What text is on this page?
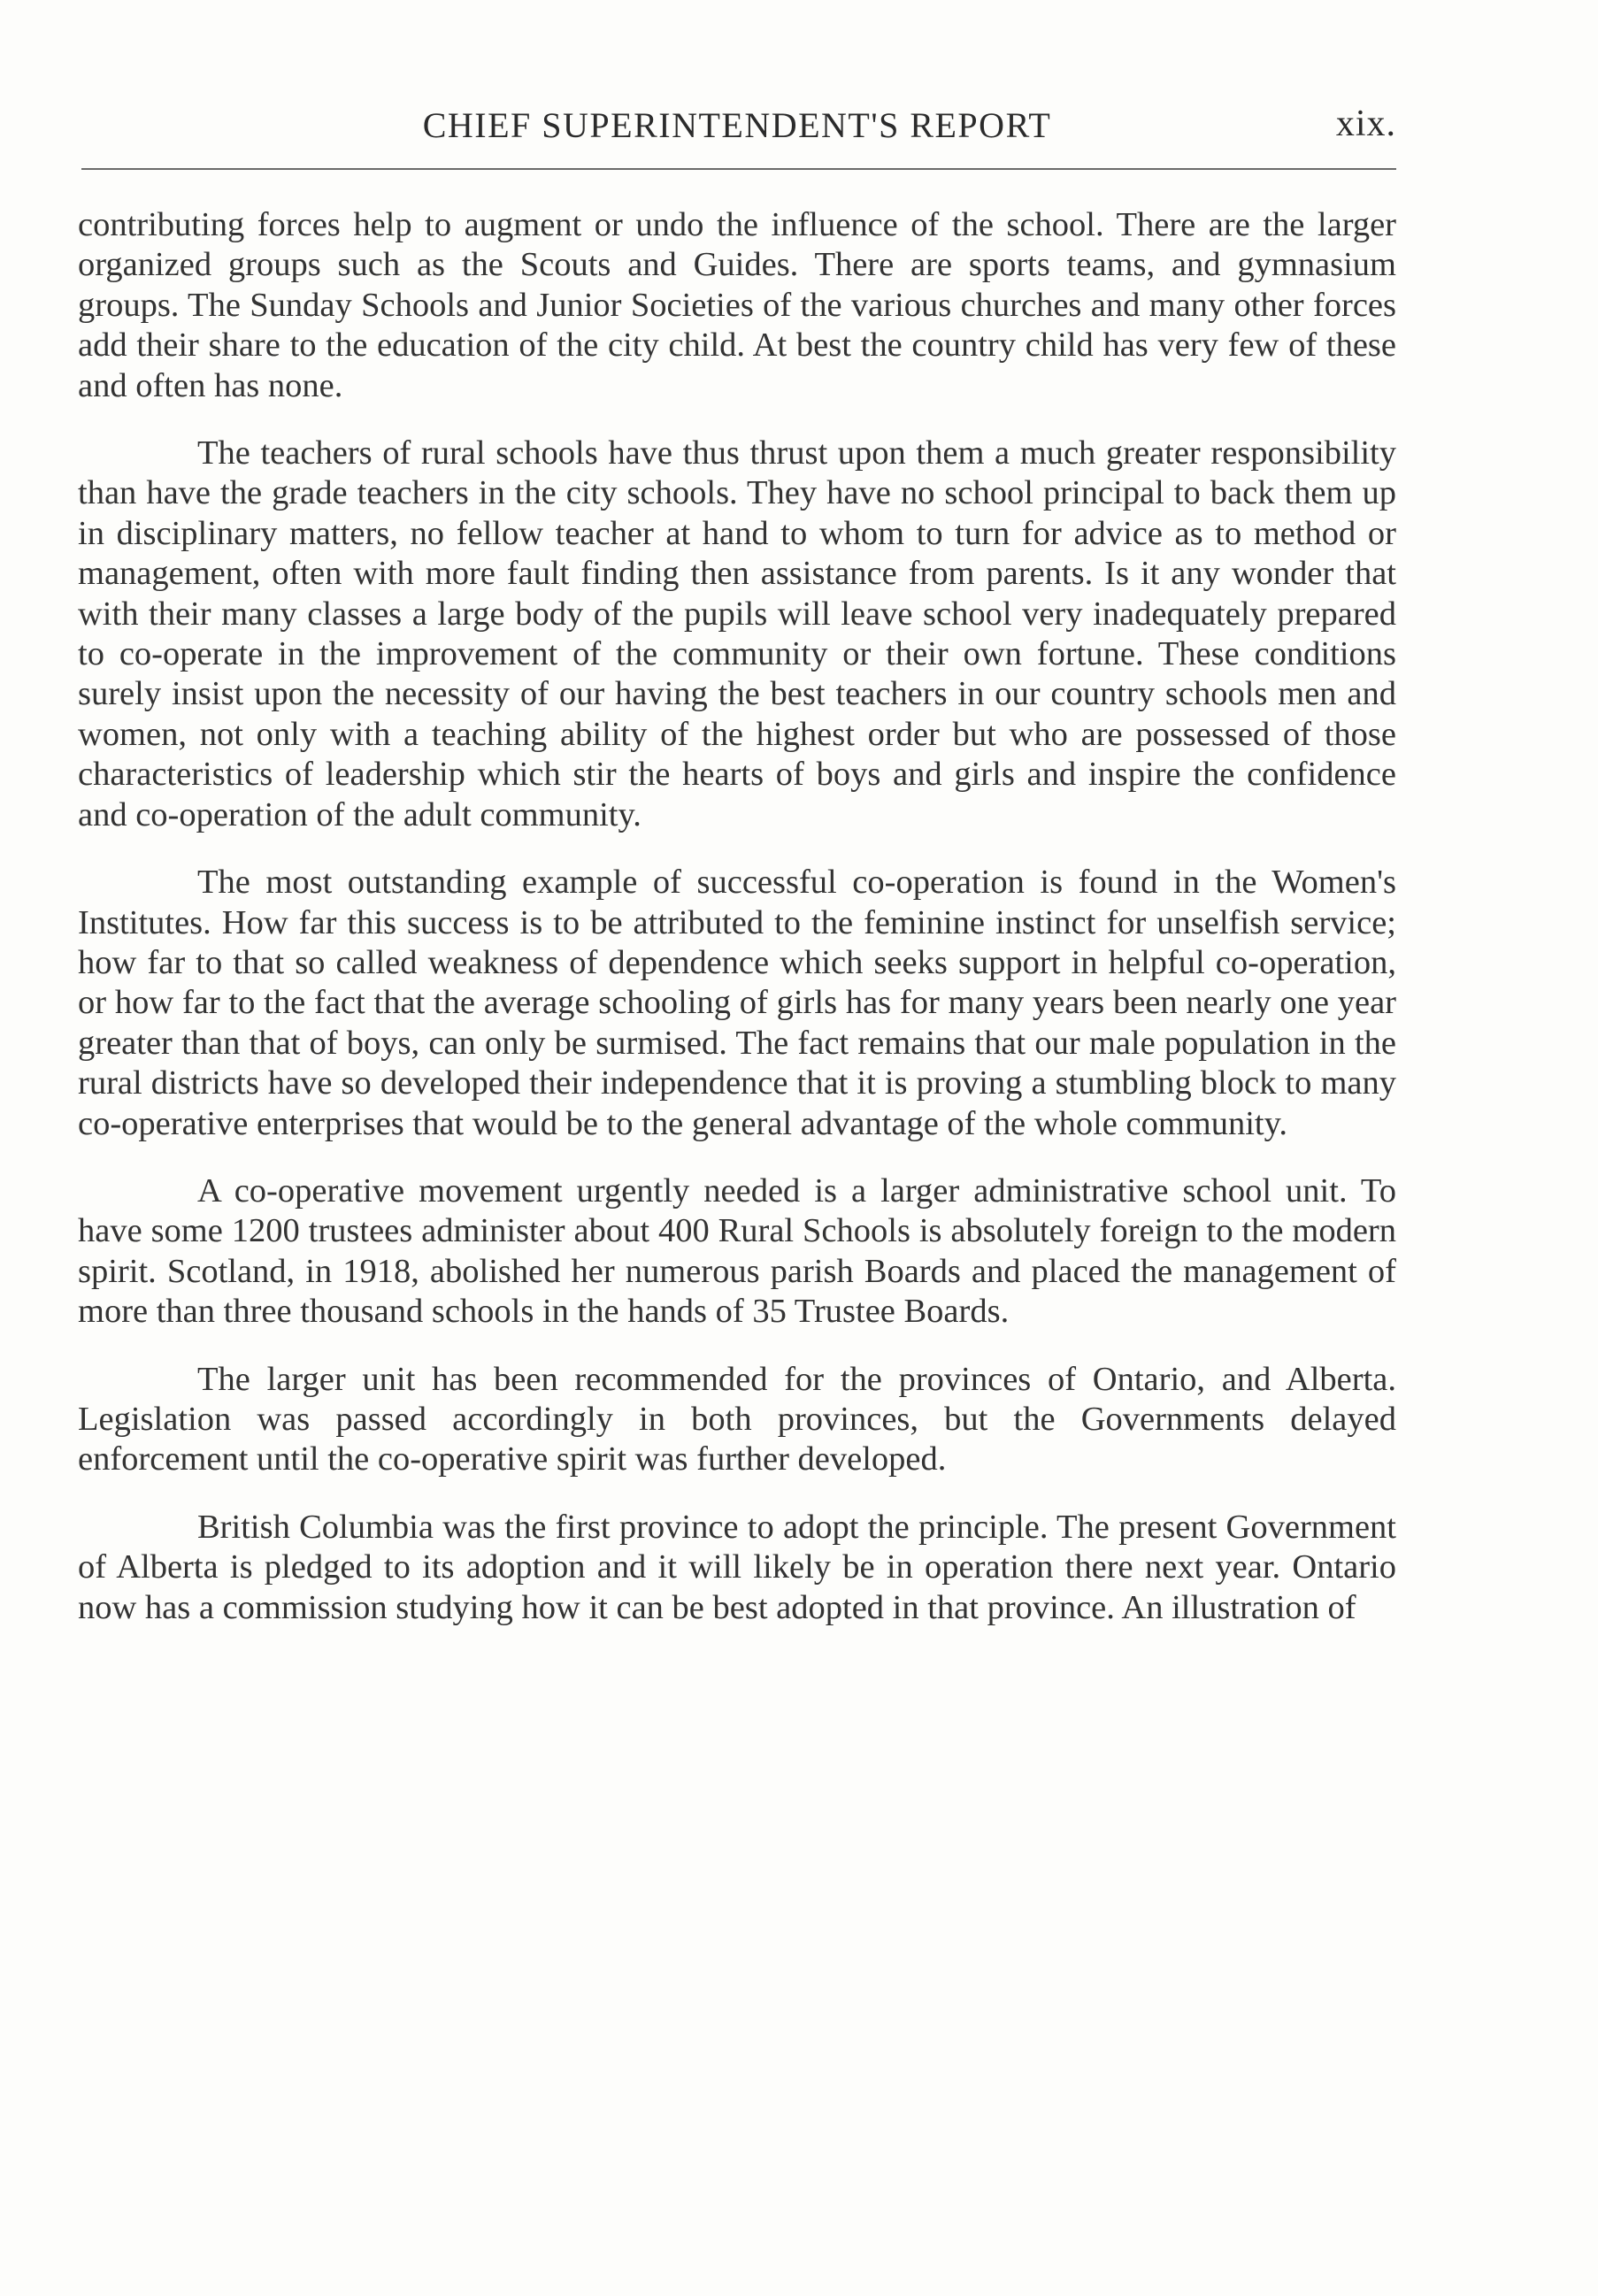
CHIEF SUPERINTENDENT'S REPORT	xix.

contributing forces help to augment or undo the influence of the school. There are the larger organized groups such as the Scouts and Guides. There are sports teams, and gymnasium groups. The Sunday Schools and Junior Societies of the various churches and many other forces add their share to the education of the city child. At best the country child has very few of these and often has none.

The teachers of rural schools have thus thrust upon them a much greater responsibility than have the grade teachers in the city schools. They have no school principal to back them up in disciplinary matters, no fellow teacher at hand to whom to turn for advice as to method or management, often with more fault finding then assistance from parents. Is it any wonder that with their many classes a large body of the pupils will leave school very inadequately prepared to co-operate in the improvement of the community or their own fortune. These conditions surely insist upon the necessity of our having the best teachers in our country schools men and women, not only with a teaching ability of the highest order but who are possessed of those characteristics of leadership which stir the hearts of boys and girls and inspire the confidence and co-operation of the adult community.

The most outstanding example of successful co-operation is found in the Women's Institutes. How far this success is to be attributed to the feminine instinct for unselfish service; how far to that so called weakness of dependence which seeks support in helpful co-operation, or how far to the fact that the average schooling of girls has for many years been nearly one year greater than that of boys, can only be surmised. The fact remains that our male population in the rural districts have so developed their independence that it is proving a stumbling block to many co-operative enterprises that would be to the general advantage of the whole community.

A co-operative movement urgently needed is a larger administrative school unit. To have some 1200 trustees administer about 400 Rural Schools is absolutely foreign to the modern spirit. Scotland, in 1918, abolished her numerous parish Boards and placed the management of more than three thousand schools in the hands of 35 Trustee Boards.

The larger unit has been recommended for the provinces of Ontario, and Alberta. Legislation was passed accordingly in both provinces, but the Governments delayed enforcement until the co-operative spirit was further developed.

British Columbia was the first province to adopt the principle. The present Government of Alberta is pledged to its adoption and it will likely be in operation there next year. Ontario now has a commission studying how it can be best adopted in that province. An illustration of
